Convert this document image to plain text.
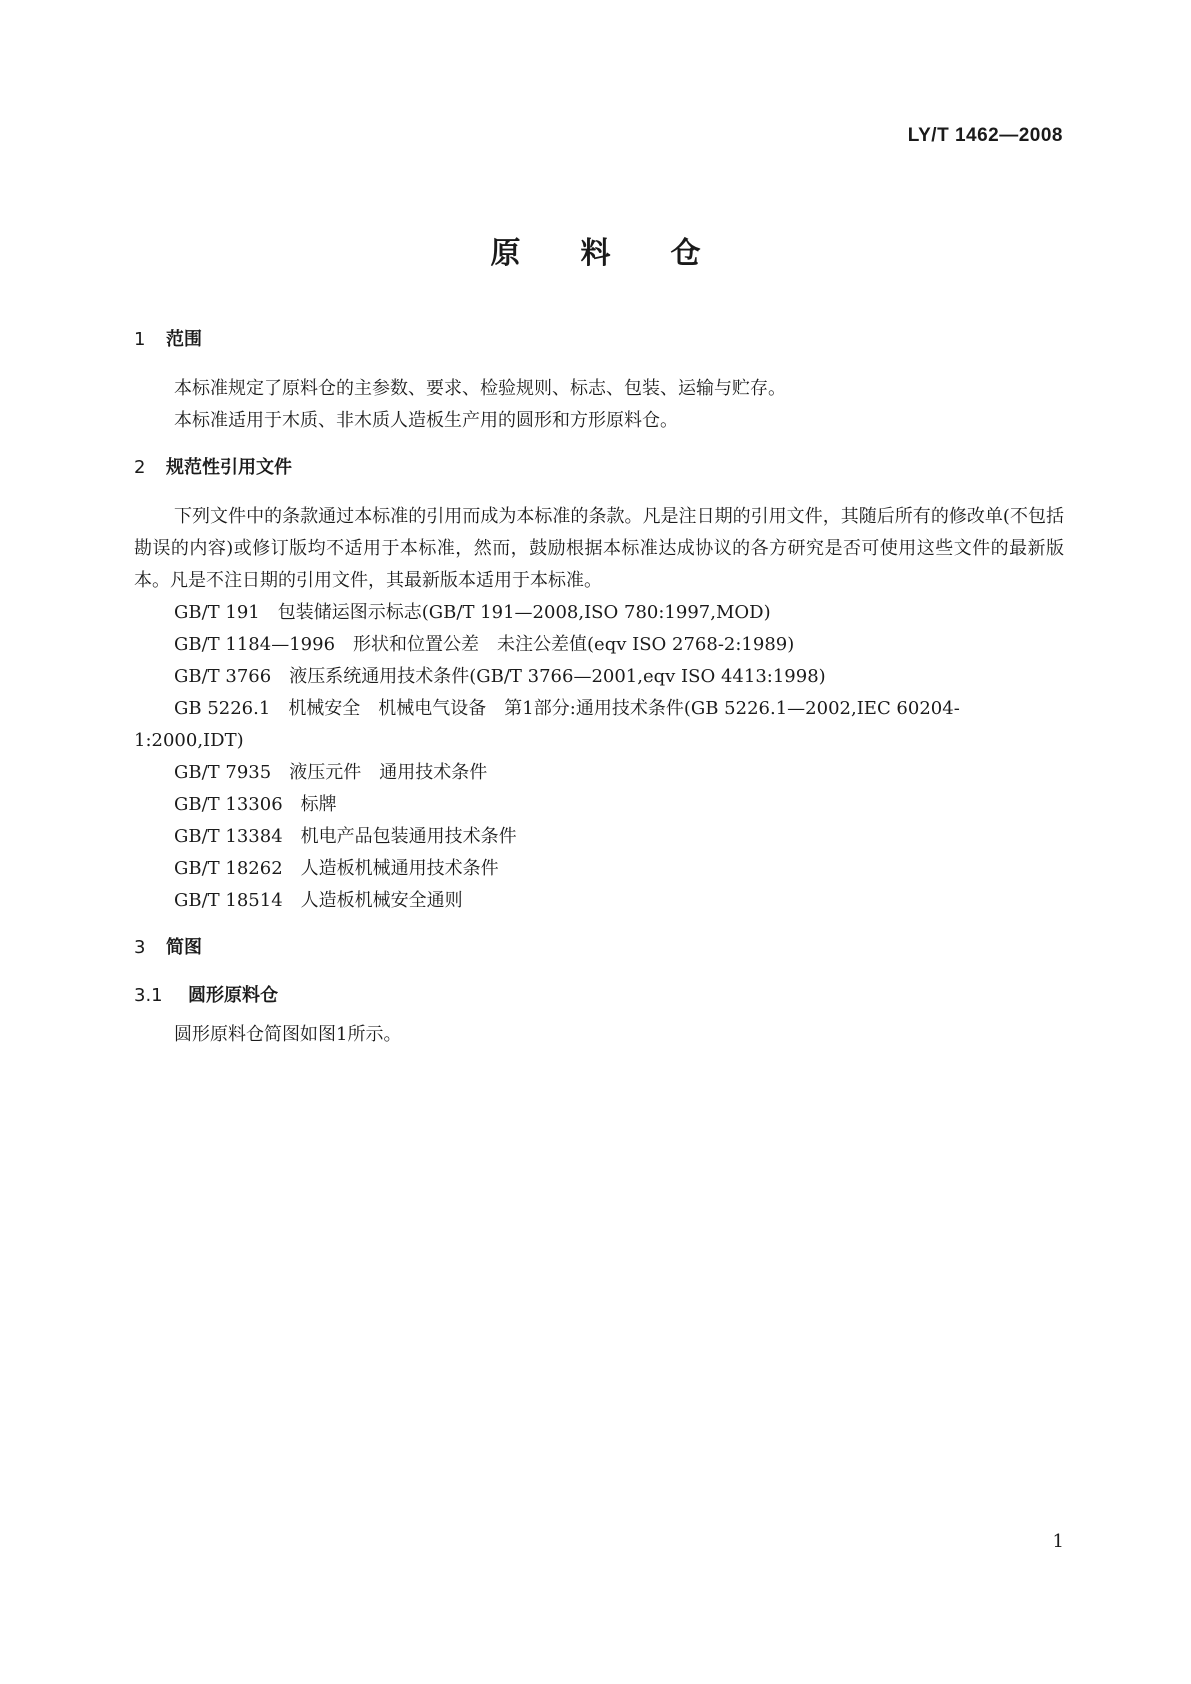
LY/T 1462—2008
原料仓
1	范围

本标准规定了原料仓的主参数、要求、检验规则、标志、包装、运输与贮存。

本标准适用于木质、非木质人造板生产用的圆形和方形原料仓。

2	规范性引用文件

下列文件中的条款通过本标准的引用而成为本标准的条款。凡是注日期的引用文件，其随后所有的修改单(不包括勘误的内容)或修订版均不适用于本标准，然而，鼓励根据本标准达成协议的各方研究是否可使用这些文件的最新版本。凡是不注日期的引用文件，其最新版本适用于本标准。

GB/T 191 包装储运图示标志(GB/T 191—2008,ISO 780:1997,MOD)

GB/T 1184—1996 形状和位置公差　未注公差值(eqv ISO 2768-2:1989)

GB/T 3766 液压系统通用技术条件(GB/T 3766—2001,eqv ISO 4413:1998)

GB 5226.1 机械安全　机械电气设备　第1部分:通用技术条件(GB 5226.1—2002,IEC 60204-1:2000,IDT)

GB/T 7935 液压元件　通用技术条件

GB/T 13306 标牌

GB/T 13384 机电产品包装通用技术条件

GB/T 18262 人造板机械通用技术条件

GB/T 18514 人造板机械安全通则

3	简图
3.1	圆形原料仓

圆形原料仓简图如图1所示。

1
